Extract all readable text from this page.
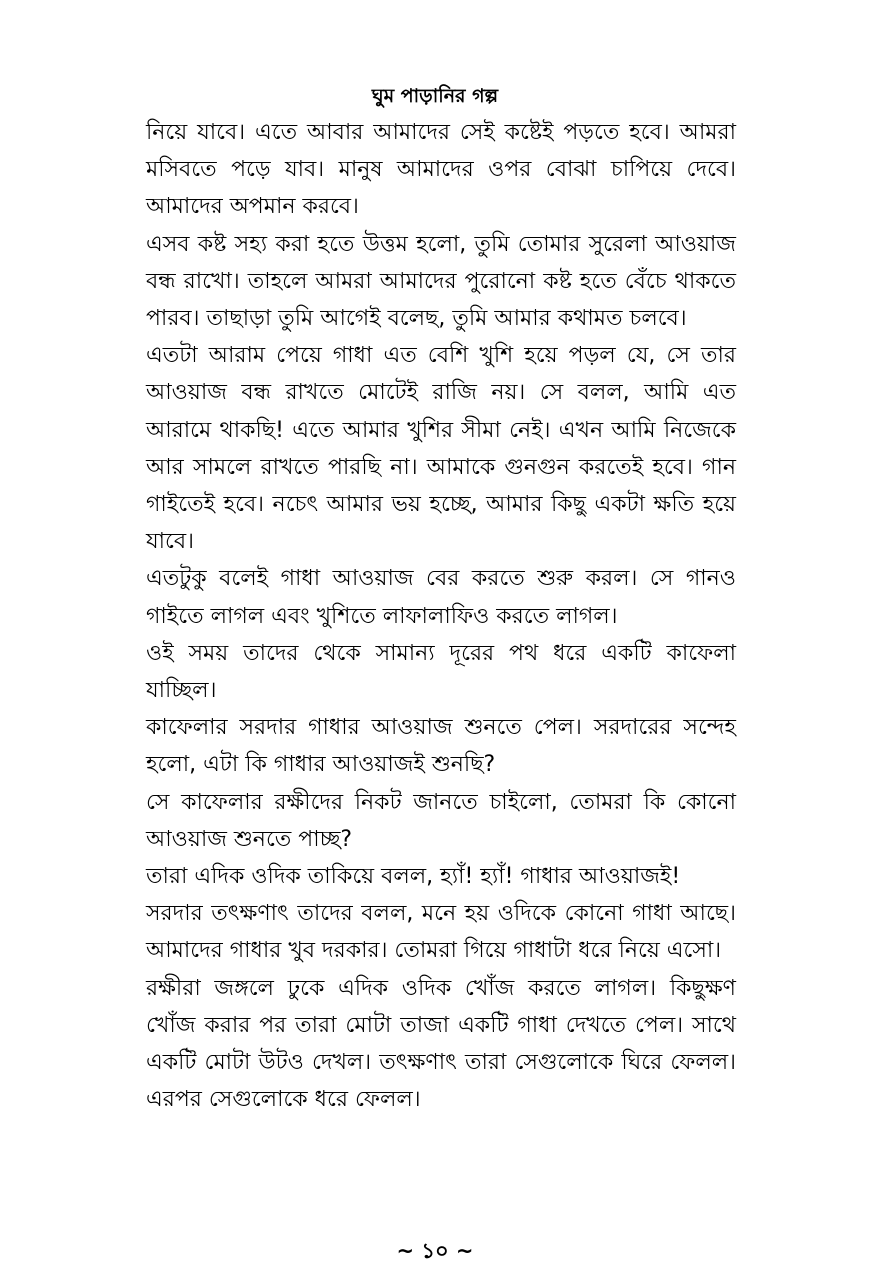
ঘুম পাড়ানির গল্প

নিয়ে যাবে। এতে আবার আমাদের সেই কষ্টেই পড়তে হবে। আমরা মসিবতে পড়ে যাব। মানুষ আমাদের ওপর বোঝা চাপিয়ে দেবে। আমাদের অপমান করবে।

এসব কষ্ট সহ্য করা হতে উত্তম হলো, তুমি তোমার সুরেলা আওয়াজ বন্ধ রাখো। তাহলে আমরা আমাদের পুরোনো কষ্ট হতে বেঁচে থাকতে পারব। তাছাড়া তুমি আগেই বলেছ, তুমি আমার কথামত চলবে।

এতটা আরাম পেয়ে গাধা এত বেশি খুশি হয়ে পড়ল যে, সে তার আওয়াজ বন্ধ রাখতে মোটেই রাজি নয়। সে বলল, আমি এত আরামে থাকছি! এতে আমার খুশির সীমা নেই। এখন আমি নিজেকে আর সামলে রাখতে পারছি না। আমাকে গুনগুন করতেই হবে। গান গাইতেই হবে। নচেৎ আমার ভয় হচ্ছে, আমার কিছু একটা ক্ষতি হয়ে যাবে।

এতটুকু বলেই গাধা আওয়াজ বের করতে শুরু করল। সে গানও গাইতে লাগল এবং খুশিতে লাফালাফিও করতে লাগল।

ওই সময় তাদের থেকে সামান্য দূরের পথ ধরে একটি কাফেলা যাচ্ছিল।

কাফেলার সরদার গাধার আওয়াজ শুনতে পেল। সরদারের সন্দেহ হলো, এটা কি গাধার আওয়াজই শুনছি?

সে কাফেলার রক্ষীদের নিকট জানতে চাইলো, তোমরা কি কোনো আওয়াজ শুনতে পাচ্ছ?

তারা এদিক ওদিক তাকিয়ে বলল, হ্যাঁ! হ্যাঁ! গাধার আওয়াজই!

সরদার তৎক্ষণাৎ তাদের বলল, মনে হয় ওদিকে কোনো গাধা আছে। আমাদের গাধার খুব দরকার। তোমরা গিয়ে গাধাটা ধরে নিয়ে এসো।

রক্ষীরা জঙ্গলে ঢুকে এদিক ওদিক খোঁজ করতে লাগল। কিছুক্ষণ খোঁজ করার পর তারা মোটা তাজা একটি গাধা দেখতে পেল। সাথে একটি মোটা উটও দেখল। তৎক্ষণাৎ তারা সেগুলোকে ঘিরে ফেলল। এরপর সেগুলোকে ধরে ফেলল।

~ ১০ ~
